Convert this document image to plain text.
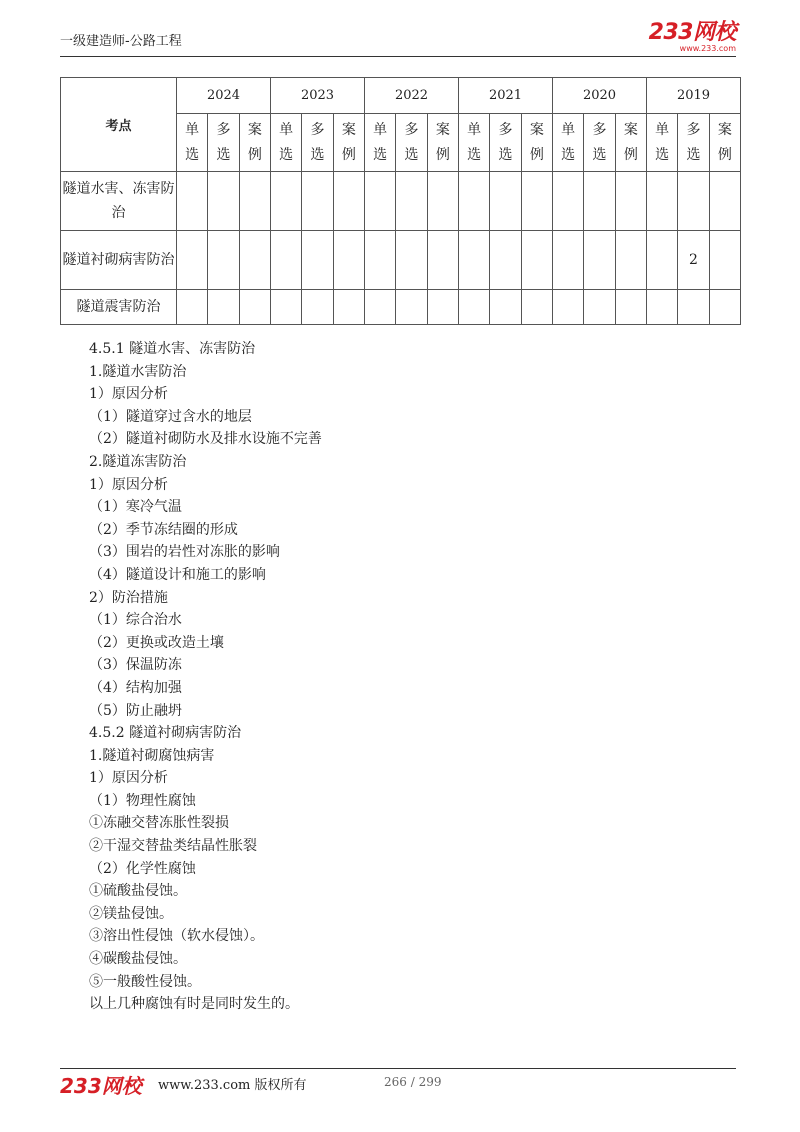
一级建造师-公路工程	233网校
www.233.com
考点	2024			2023			2022			2021			2020			2019		
	单选	多选	案例	单选	多选	案例	单选	多选	案例	单选	多选	案例	单选	多选	案例	单选	多选	案例
隧道水害、冻害防治																		
隧道衬砌病害防治																	2	
隧道震害防治																		
4.5.1 隧道水害、冻害防治
1.隧道水害防治
1）原因分析
（1）隧道穿过含水的地层
（2）隧道衬砌防水及排水设施不完善
2.隧道冻害防治
1）原因分析
（1）寒冷气温
（2）季节冻结圈的形成
（3）围岩的岩性对冻胀的影响
（4）隧道设计和施工的影响
2）防治措施
（1）综合治水
（2）更换或改造土壤
（3）保温防冻
（4）结构加强
（5）防止融坍
4.5.2 隧道衬砌病害防治
1.隧道衬砌腐蚀病害
1）原因分析
（1）物理性腐蚀
①冻融交替冻胀性裂损
②干湿交替盐类结晶性胀裂
（2）化学性腐蚀
①硫酸盐侵蚀。
②镁盐侵蚀。
③溶出性侵蚀（软水侵蚀）。
④碳酸盐侵蚀。
⑤一般酸性侵蚀。
以上几种腐蚀有时是同时发生的。
233网校 www.233.com 版权所有	266 / 299
